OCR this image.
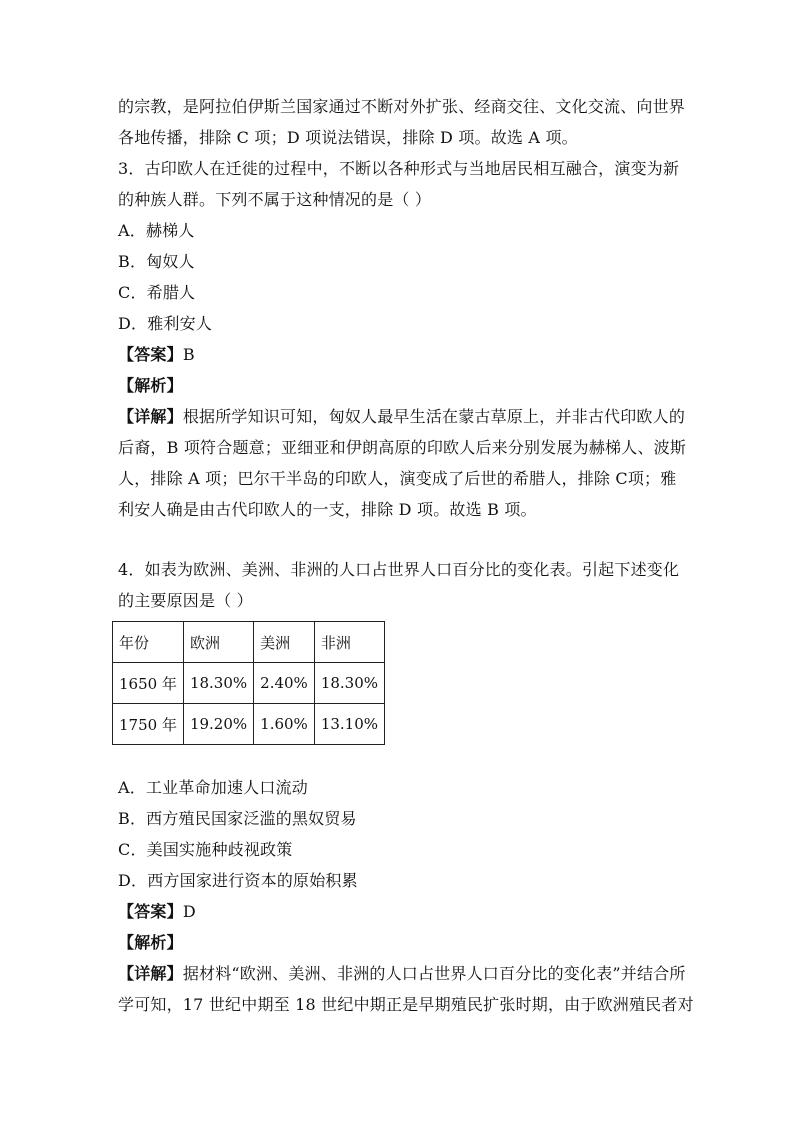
的宗教，是阿拉伯伊斯兰国家通过不断对外扩张、经商交往、文化交流、向世界
各地传播，排除 C 项；D 项说法错误，排除 D 项。故选 A 项。
3．古印欧人在迁徙的过程中，不断以各种形式与当地居民相互融合，演变为新
的种族人群。下列不属于这种情况的是（ ）
A．赫梯人
B．匈奴人
C．希腊人
D．雅利安人
【答案】B
【解析】
【详解】根据所学知识可知，匈奴人最早生活在蒙古草原上，并非古代印欧人的
后裔，B 项符合题意；亚细亚和伊朗高原的印欧人后来分别发展为赫梯人、波斯
人，排除 A 项；巴尔干半岛的印欧人，演变成了后世的希腊人，排除 C项；雅
利安人确是由古代印欧人的一支，排除 D 项。故选 B 项。
4．如表为欧洲、美洲、非洲的人口占世界人口百分比的变化表。引起下述变化
的主要原因是（ ）
年份	欧洲	美洲	非洲
1650 年	18.30%	2.40%	18.30%
1750 年	19.20%	1.60%	13.10%
A．工业革命加速人口流动
B．西方殖民国家泛滥的黑奴贸易
C．美国实施种歧视政策
D．西方国家进行资本的原始积累
【答案】D
【解析】
【详解】据材料“欧洲、美洲、非洲的人口占世界人口百分比的变化表”并结合所
学可知，17 世纪中期至 18 世纪中期正是早期殖民扩张时期，由于欧洲殖民者对
